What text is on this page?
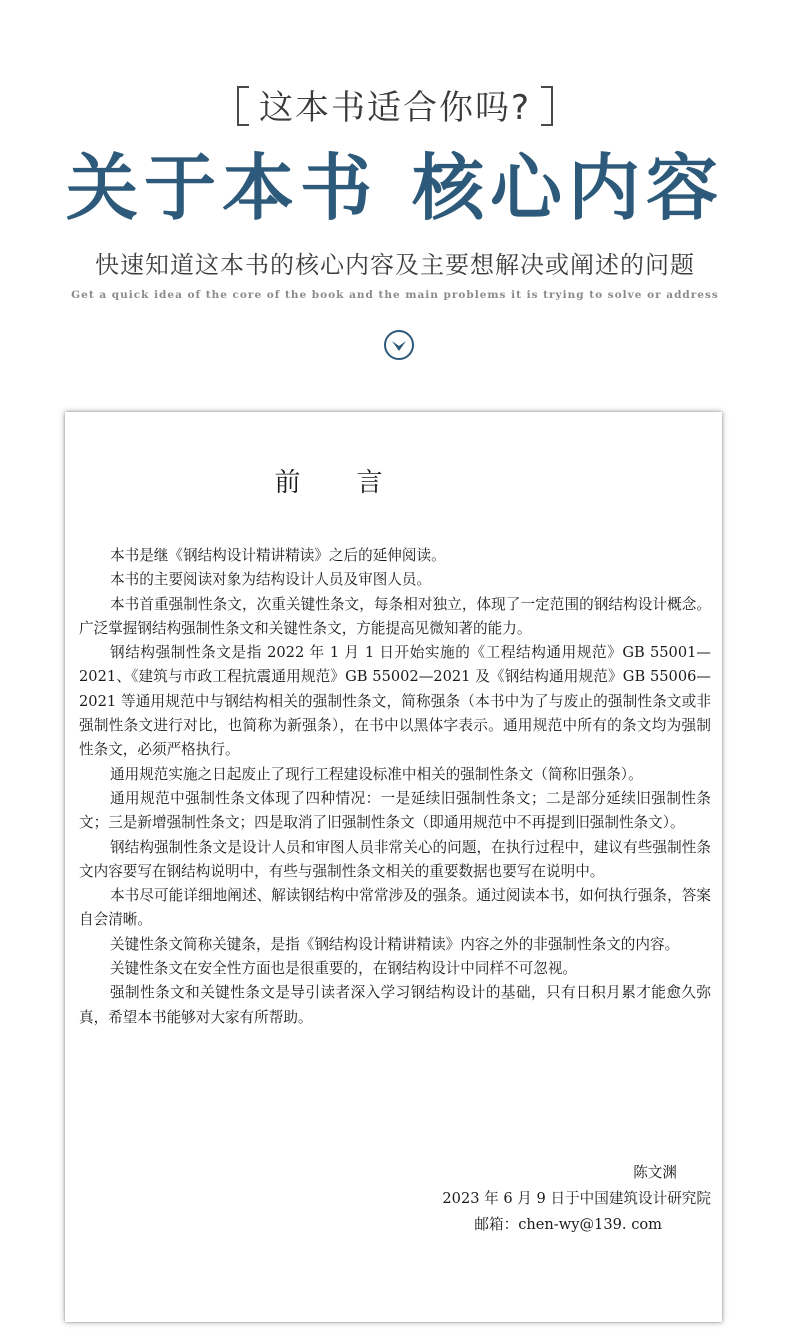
这本书适合你吗?
关于本书 核心内容
快速知道这本书的核心内容及主要想解决或阐述的问题
Get a quick idea of the core of the book and the main problems it is trying to solve or address
前 言

本书是继《钢结构设计精讲精读》之后的延伸阅读。

本书的主要阅读对象为结构设计人员及审图人员。

本书首重强制性条文，次重关键性条文，每条相对独立，体现了一定范围的钢结构设计概念。广泛掌握钢结构强制性条文和关键性条文，方能提高见微知著的能力。

钢结构强制性条文是指 2022 年 1 月 1 日开始实施的《工程结构通用规范》GB 55001—2021、《建筑与市政工程抗震通用规范》GB 55002—2021 及《钢结构通用规范》GB 55006—2021 等通用规范中与钢结构相关的强制性条文，简称强条（本书中为了与废止的强制性条文或非强制性条文进行对比，也简称为新强条），在书中以黑体字表示。通用规范中所有的条文均为强制性条文，必须严格执行。

通用规范实施之日起废止了现行工程建设标准中相关的强制性条文（简称旧强条）。

通用规范中强制性条文体现了四种情况：一是延续旧强制性条文；二是部分延续旧强制性条文；三是新增强制性条文；四是取消了旧强制性条文（即通用规范中不再提到旧强制性条文）。

钢结构强制性条文是设计人员和审图人员非常关心的问题，在执行过程中，建议有些强制性条文内容要写在钢结构说明中，有些与强制性条文相关的重要数据也要写在说明中。

本书尽可能详细地阐述、解读钢结构中常常涉及的强条。通过阅读本书，如何执行强条，答案自会清晰。

关键性条文简称关键条，是指《钢结构设计精讲精读》内容之外的非强制性条文的内容。

关键性条文在安全性方面也是很重要的，在钢结构设计中同样不可忽视。

强制性条文和关键性条文是导引读者深入学习钢结构设计的基础，只有日积月累才能愈久弥真，希望本书能够对大家有所帮助。

陈文渊
2023 年 6 月 9 日于中国建筑设计研究院
邮箱：chen-wy@139. com
